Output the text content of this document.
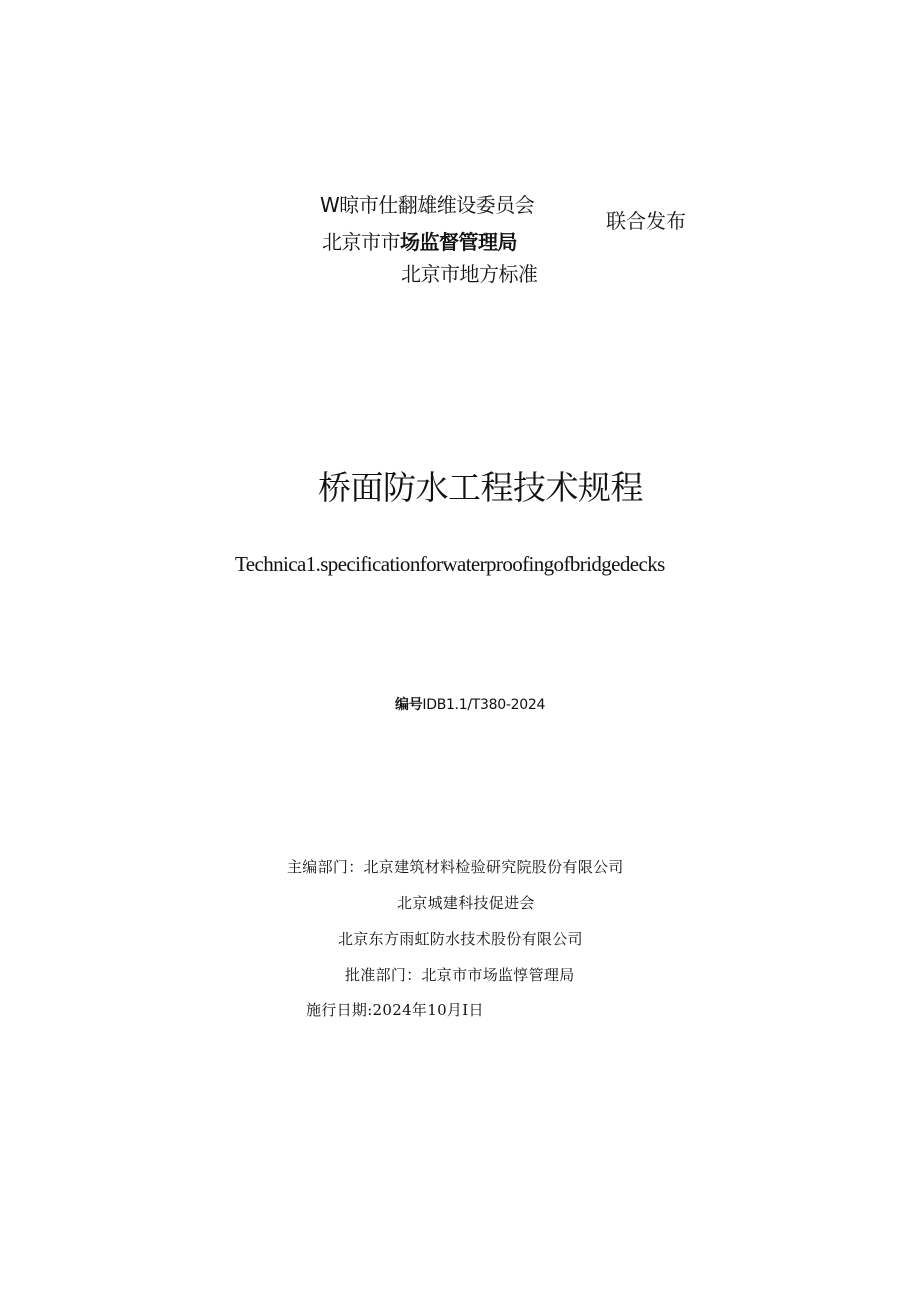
W晾市仕翻雄维设委员会
北京市市场监督管理局
北京市地方标准
联合发布
桥面防水工程技术规程
Technica1.specificationforwaterproofingofbridgedecks
编号IDB1.1/T380-2024
主编部门：北京建筑材料检验研究院股份有限公司
北京城建科技促进会
北京东方雨虹防水技术股份有限公司
批准部门：北京市市场监惇管理局
施行日期:2024年10月I日
